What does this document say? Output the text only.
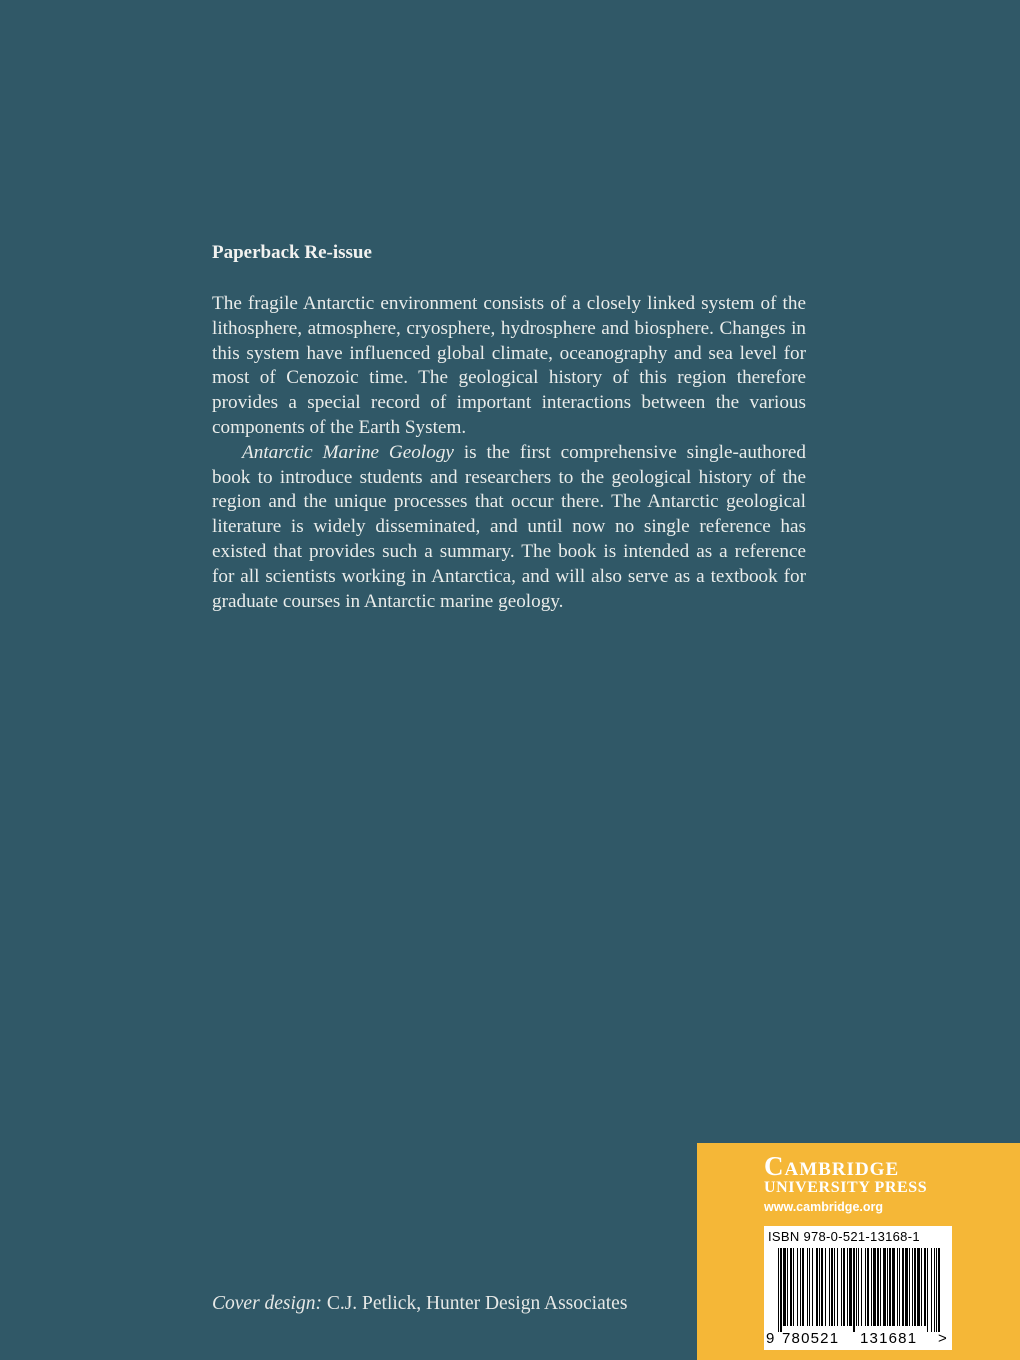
Paperback Re-issue

The fragile Antarctic environment consists of a closely linked system of the lithosphere, atmosphere, cryosphere, hydrosphere and biosphere. Changes in this system have influenced global climate, oceanography and sea level for most of Cenozoic time. The geological history of this region therefore provides a special record of important interactions between the various components of the Earth System.

Antarctic Marine Geology is the first comprehensive single-authored book to introduce students and researchers to the geological history of the region and the unique processes that occur there. The Antarctic geological literature is widely disseminated, and until now no single reference has existed that provides such a summary. The book is intended as a reference for all scientists working in Antarctica, and will also serve as a textbook for graduate courses in Antarctic marine geology.

Cover design: C.J. Petlick, Hunter Design Associates
Cambridge
UNIVERSITY PRESS
www.cambridge.org
ISBN 978-0-521-13168-1
9 780521 131681 >
